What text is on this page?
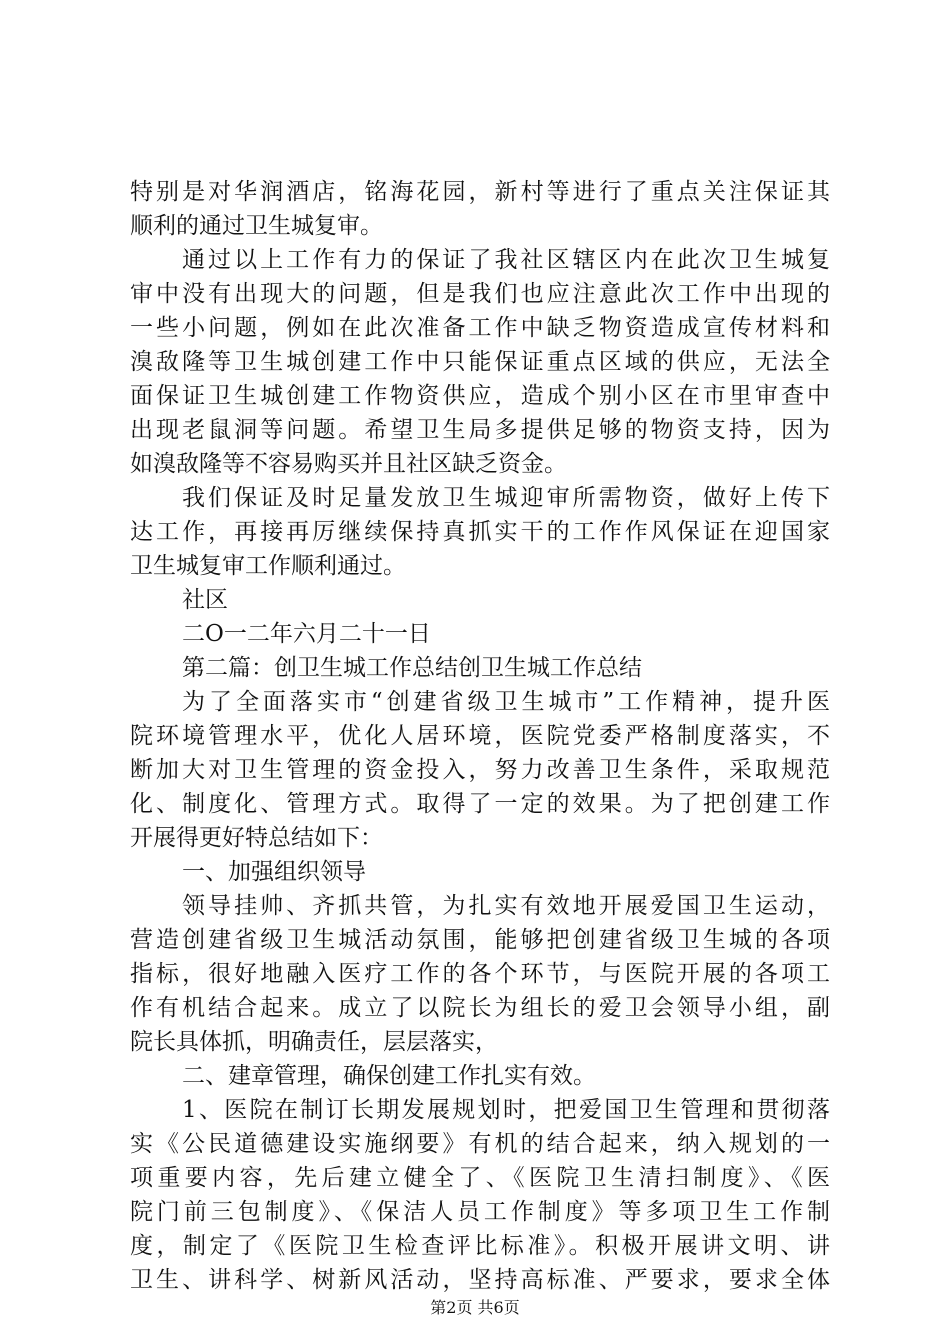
特别是对华润酒店，铭海花园，新村等进行了重点关注保证其
顺利的通过卫生城复审。
通过以上工作有力的保证了我社区辖区内在此次卫生城复
审中没有出现大的问题，但是我们也应注意此次工作中出现的
一些小问题，例如在此次准备工作中缺乏物资造成宣传材料和
溴敌隆等卫生城创建工作中只能保证重点区域的供应，无法全
面保证卫生城创建工作物资供应，造成个别小区在市里审查中
出现老鼠洞等问题。希望卫生局多提供足够的物资支持，因为
如溴敌隆等不容易购买并且社区缺乏资金。
我们保证及时足量发放卫生城迎审所需物资，做好上传下
达工作，再接再厉继续保持真抓实干的工作作风保证在迎国家
卫生城复审工作顺利通过。
社区
二O一二年六月二十一日
第二篇：创卫生城工作总结创卫生城工作总结
为了全面落实市“创建省级卫生城市”工作精神，提升医
院环境管理水平，优化人居环境，医院党委严格制度落实，不
断加大对卫生管理的资金投入，努力改善卫生条件，采取规范
化、制度化、管理方式。取得了一定的效果。为了把创建工作
开展得更好特总结如下：
一、加强组织领导
领导挂帅、齐抓共管，为扎实有效地开展爱国卫生运动，
营造创建省级卫生城活动氛围，能够把创建省级卫生城的各项
指标，很好地融入医疗工作的各个环节，与医院开展的各项工
作有机结合起来。成立了以院长为组长的爱卫会领导小组，副
院长具体抓，明确责任，层层落实，
二、建章管理，确保创建工作扎实有效。
1、医院在制订长期发展规划时，把爱国卫生管理和贯彻落
实《公民道德建设实施纲要》有机的结合起来，纳入规划的一
项重要内容，先后建立健全了、《医院卫生清扫制度》、《医
院门前三包制度》、《保洁人员工作制度》等多项卫生工作制
度，制定了《医院卫生检查评比标准》。积极开展讲文明、讲
卫生、讲科学、树新风活动，坚持高标准、严要求，要求全体
第2页 共6页
